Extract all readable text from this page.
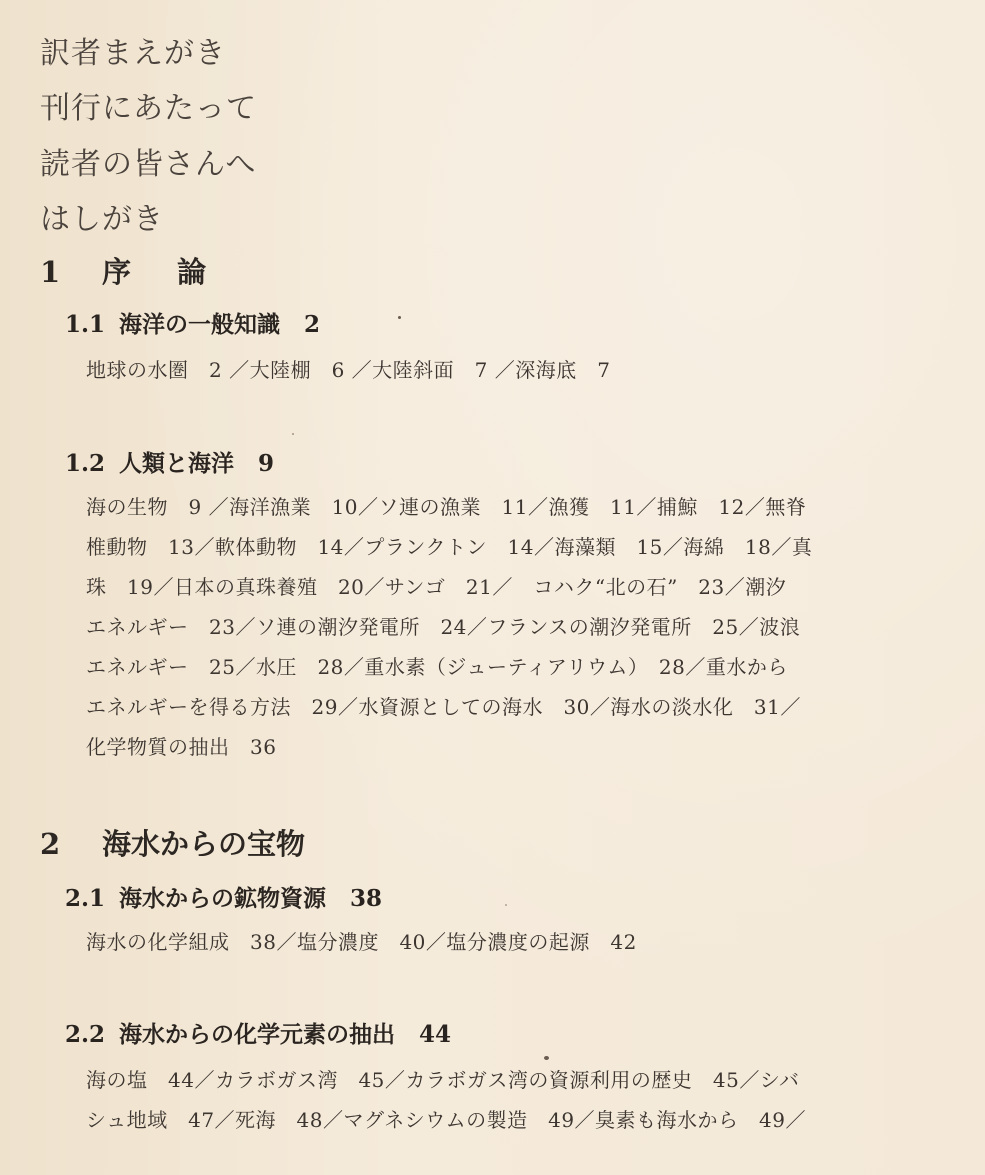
訳者まえがき
刊行にあたって
読者の皆さんへ
はしがき
1 序 論
1.1 海洋の一般知識 2
地球の水圏　2 ／大陸棚　6 ／大陸斜面　7 ／深海底　7
1.2 人類と海洋 9
海の生物　9 ／海洋漁業　10／ソ連の漁業　11／漁獲　11／捕鯨　12／無脊
椎動物　13／軟体動物　14／プランクトン　14／海藻類　15／海綿　18／真
珠　19／日本の真珠養殖　20／サンゴ　21／　コハク“北の石”　23／潮汐
エネルギー　23／ソ連の潮汐発電所　24／フランスの潮汐発電所　25／波浪
エネルギー　25／水圧　28／重水素（ジューティアリウム）　28／重水から
エネルギーを得る方法　29／水資源としての海水　30／海水の淡水化　31／
化学物質の抽出　36
2 海水からの宝物
2.1 海水からの鉱物資源 38
海水の化学組成　38／塩分濃度　40／塩分濃度の起源　42
2.2 海水からの化学元素の抽出 44
海の塩　44／カラボガス湾　45／カラボガス湾の資源利用の歴史　45／シバ
シュ地域　47／死海　48／マグネシウムの製造　49／臭素も海水から　49／
